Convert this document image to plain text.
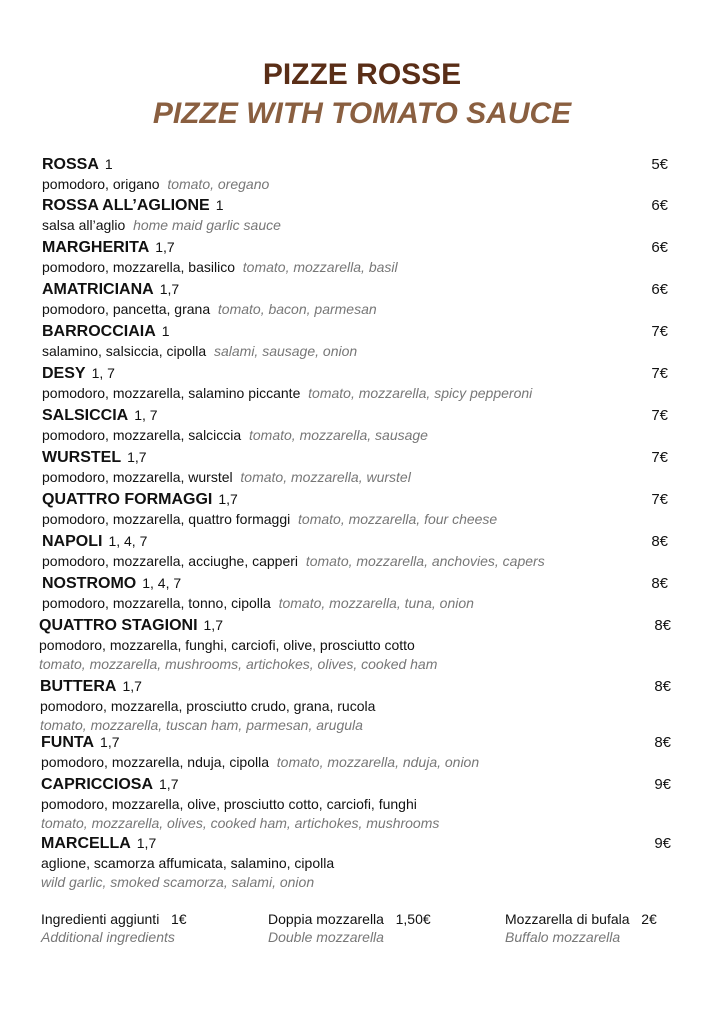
PIZZE ROSSE
PIZZE WITH TOMATO SAUCE
ROSSA 1	5€
pomodoro, origano tomato, oregano
ROSSA ALL’AGLIONE 1	6€
salsa all’aglio home maid garlic sauce
MARGHERITA 1,7	6€
pomodoro, mozzarella, basilico tomato, mozzarella, basil
AMATRICIANA 1,7	6€
pomodoro, pancetta, grana tomato, bacon, parmesan
BARROCCIAIA 1	7€
salamino, salsiccia, cipolla salami, sausage, onion
DESY 1, 7	7€
pomodoro, mozzarella, salamino piccante tomato, mozzarella, spicy pepperoni
SALSICCIA 1, 7	7€
pomodoro, mozzarella, salciccia tomato, mozzarella, sausage
WURSTEL 1,7	7€
pomodoro, mozzarella, wurstel tomato, mozzarella, wurstel
QUATTRO FORMAGGI 1,7	7€
pomodoro, mozzarella, quattro formaggi tomato, mozzarella, four cheese
NAPOLI 1, 4, 7	8€
pomodoro, mozzarella, acciughe, capperi tomato, mozzarella, anchovies, capers
NOSTROMO 1, 4, 7	8€
pomodoro, mozzarella, tonno, cipolla tomato, mozzarella, tuna, onion
QUATTRO STAGIONI 1,7	8€
pomodoro, mozzarella, funghi, carciofi, olive, prosciutto cotto
tomato, mozzarella, mushrooms, artichokes, olives, cooked ham
BUTTERA 1,7	8€
pomodoro, mozzarella, prosciutto crudo, grana, rucola
tomato, mozzarella, tuscan ham, parmesan, arugula
FUNTA 1,7	8€
pomodoro, mozzarella, nduja, cipolla tomato, mozzarella, nduja, onion
CAPRICCIOSA 1,7	9€
pomodoro, mozzarella, olive, prosciutto cotto, carciofi, funghi
tomato, mozzarella, olives, cooked ham, artichokes, mushrooms
MARCELLA 1,7	9€
aglione, scamorza affumicata, salamino, cipolla
wild garlic, smoked scamorza, salami, onion
Ingredienti aggiunti 1€
Additional ingredients
Doppia mozzarella 1,50€
Double mozzarella
Mozzarella di bufala 2€
Buffalo mozzarella
